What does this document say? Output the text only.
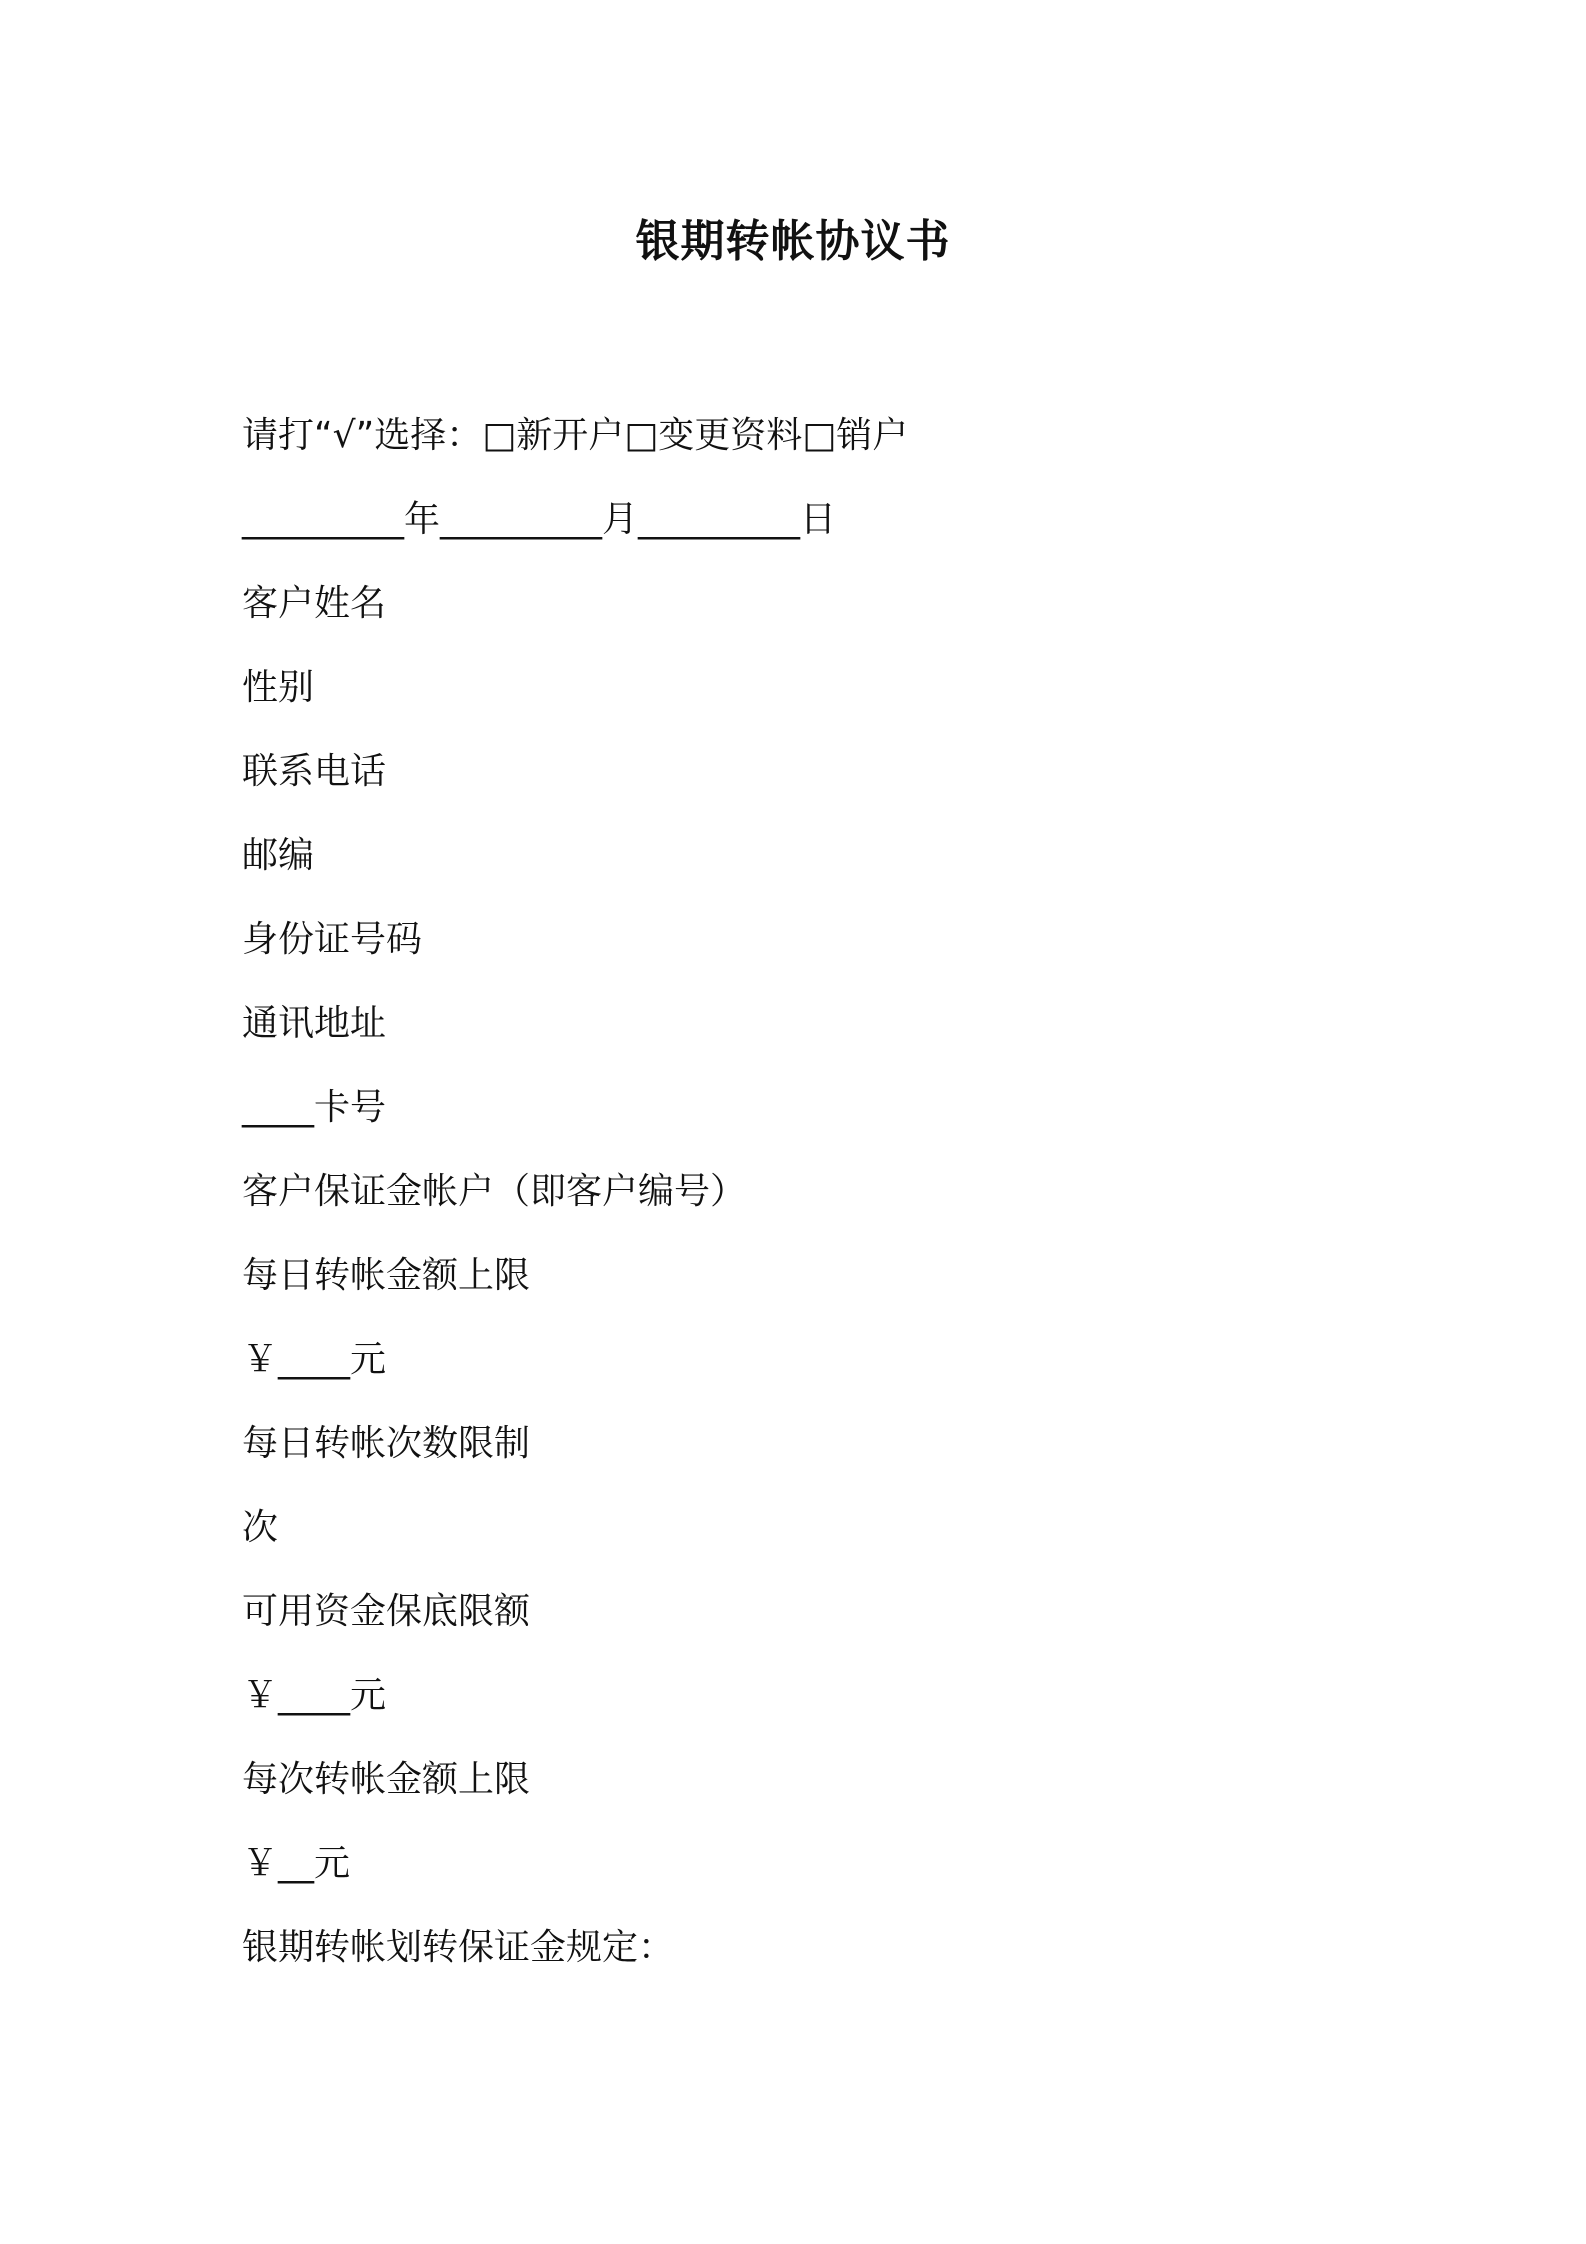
银期转帐协议书
请打“√”选择：□新开户□变更资料□销户
_________年_________月_________日
客户姓名
性别
联系电话
邮编
身份证号码
通讯地址
____卡号
客户保证金帐户（即客户编号）
每日转帐金额上限
￥____元
每日转帐次数限制
次
可用资金保底限额
￥____元
每次转帐金额上限
￥__元
银期转帐划转保证金规定：
